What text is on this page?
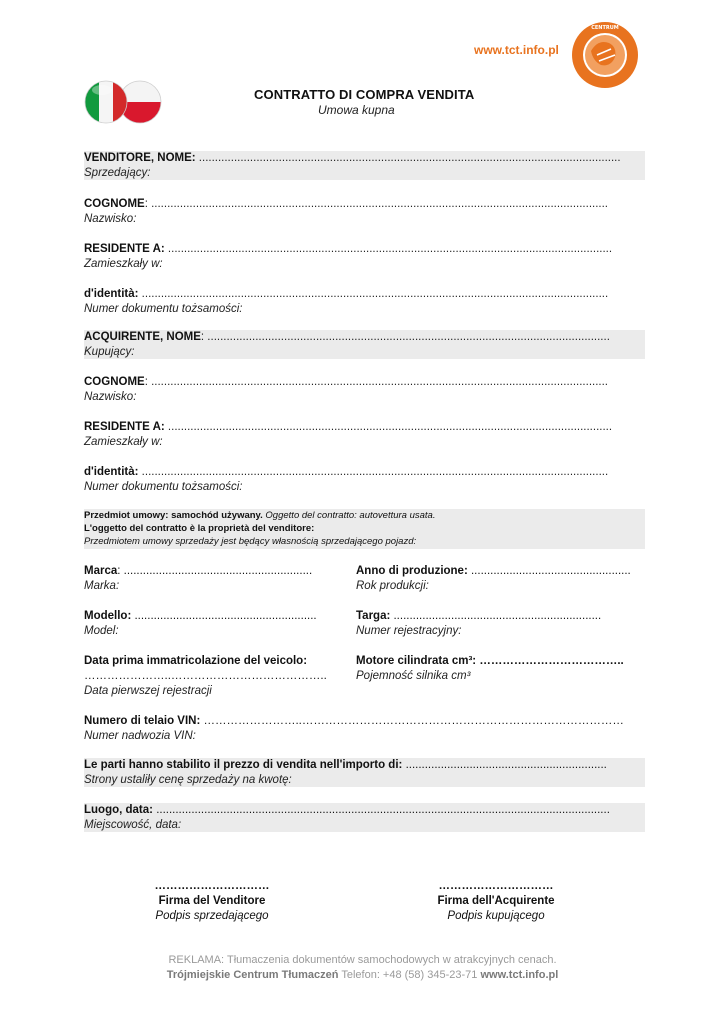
www.tct.info.pl
CENTRUM
CONTRATTO DI COMPRA VENDITA
Umowa kupna
VENDITORE, NOME: ....................................................................................................................................
Sprzedający:
COGNOME: ...............................................................................................................................................
Nazwisko:
RESIDENTE A: ...........................................................................................................................................
Zamieszkały w:
d'identità: ..................................................................................................................................................
Numer dokumentu tożsamości:
ACQUIRENTE, NOME: ..............................................................................................................................
Kupujący:
COGNOME: ...............................................................................................................................................
Nazwisko:
RESIDENTE A: ...........................................................................................................................................
Zamieszkały w:
d'identità: ..................................................................................................................................................
Numer dokumentu tożsamości:
Przedmiot umowy: samochód używany. Oggetto del contratto: autovettura usata.
L'oggetto del contratto è la proprietà del venditore:
Przedmiotem umowy sprzedaży jest będący własnością sprzedającego pojazd:
Marca: ...........................................................
Marka:
Anno di produzione: ..................................................
Rok produkcji:
Modello: .........................................................
Model:
Targa: .................................................................
Numer rejestracyjny:
Data prima immatricolazione del veicolo:
…………………..…………………………………..
Data pierwszej rejestracji
Motore cilindrata cm³: ………………………………..
Pojemność silnika cm³
Numero di telaio VIN: ……………………..…………………………………………………………………………
Numer nadwozia VIN:
Le parti hanno stabilito il prezzo di vendita nell'importo di: ...............................................................
Strony ustaliły cenę sprzedaży na kwotę:
Luogo, data: ..............................................................................................................................................
Miejscowość, data:
…………………………
Firma del Venditore
Podpis sprzedającego
…………………………
Firma dell'Acquirente
Podpis kupującego
REKLAMA: Tłumaczenia dokumentów samochodowych w atrakcyjnych cenach.
Trójmiejskie Centrum Tłumaczeń Telefon: +48 (58) 345-23-71 www.tct.info.pl
